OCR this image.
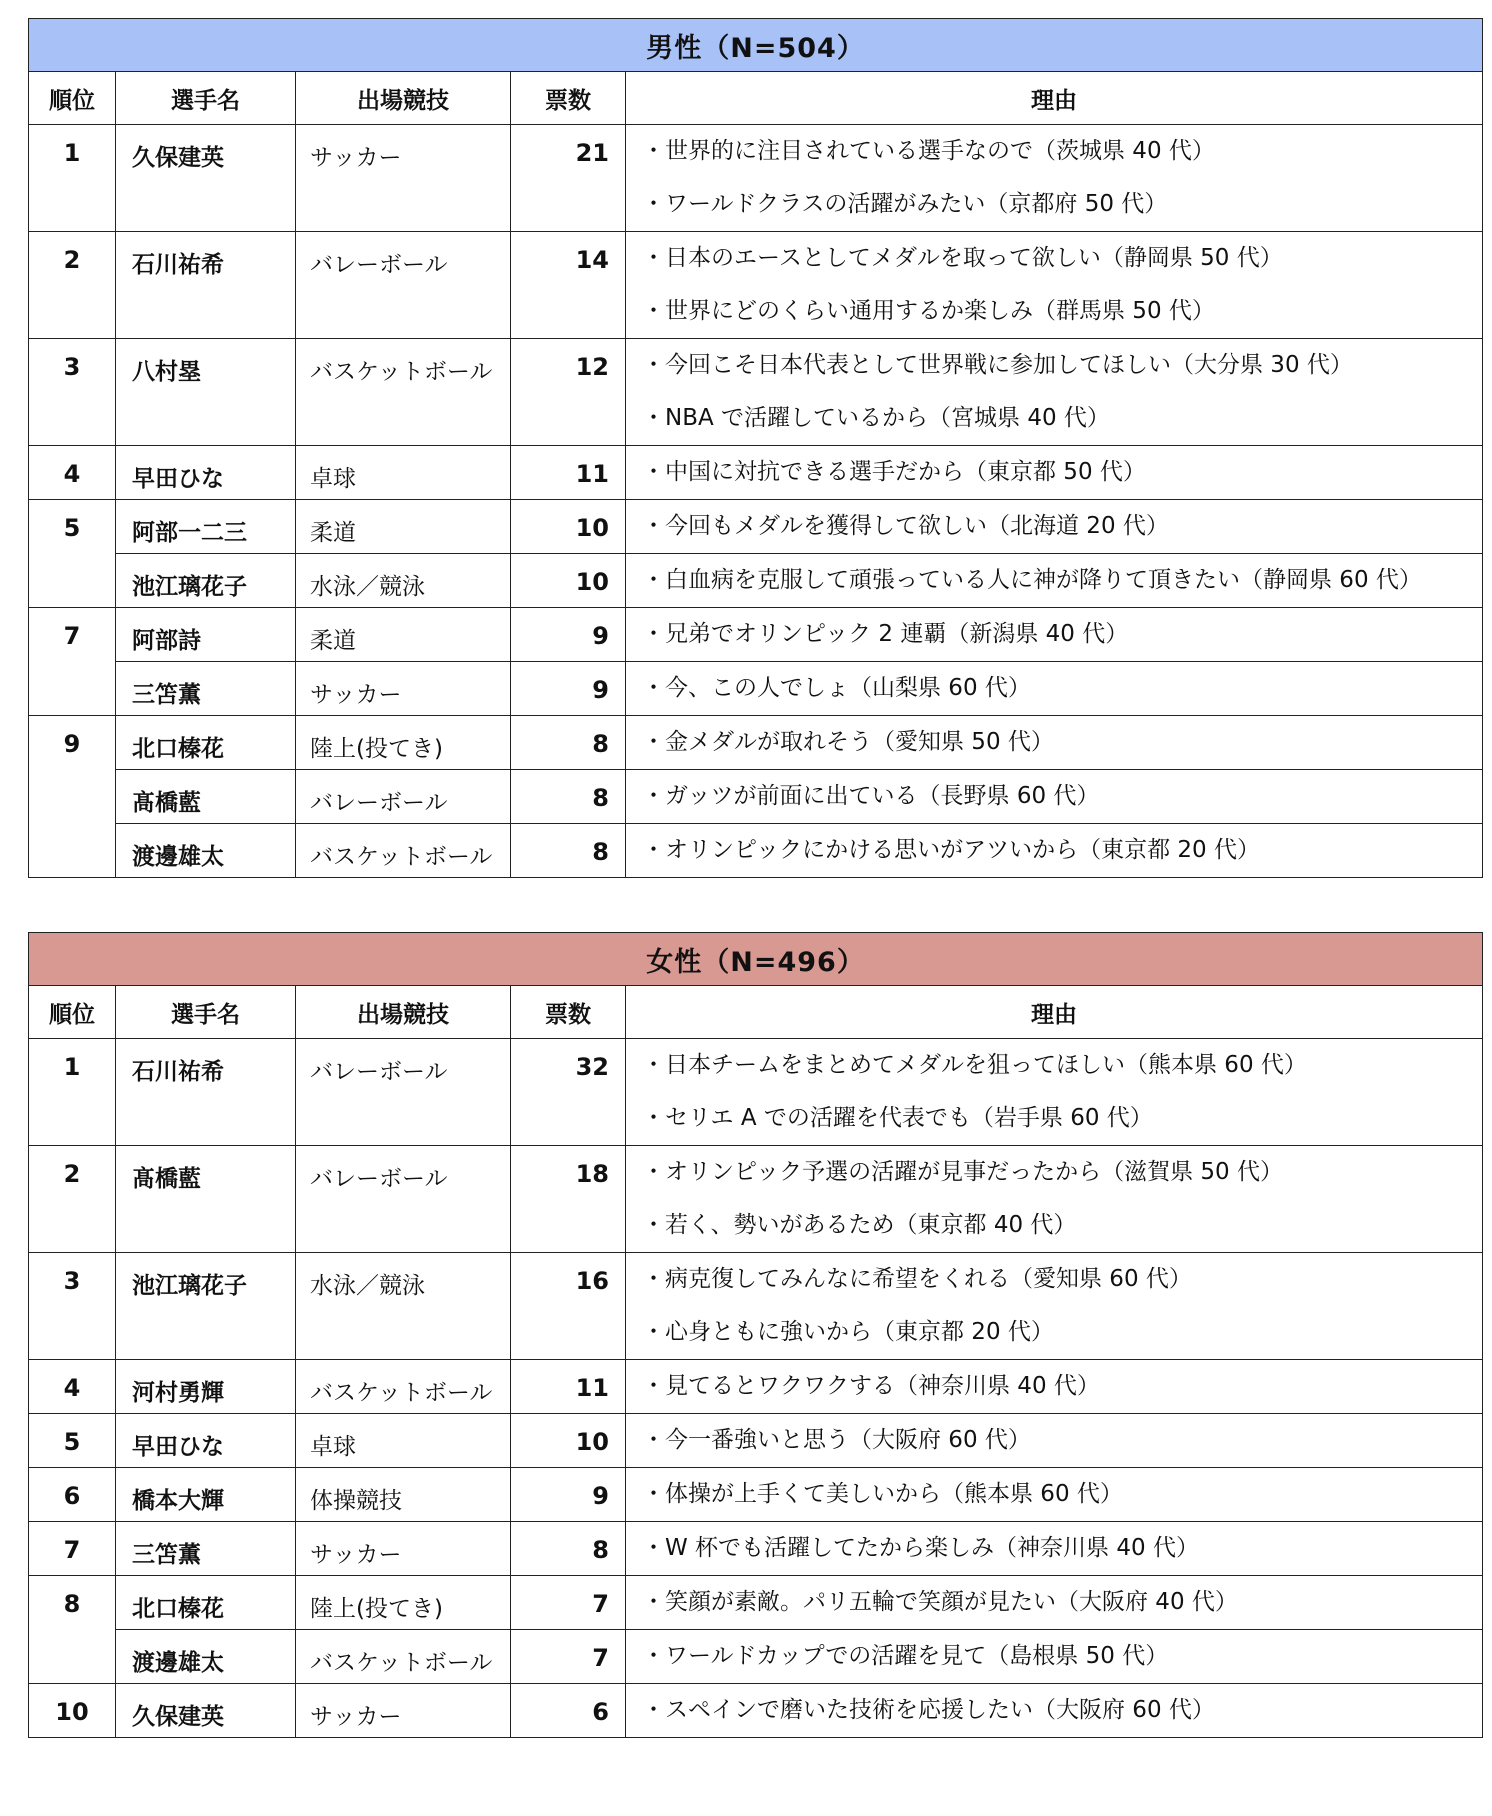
男性（N=504）				
順位	選手名	出場競技	票数	理由
1	久保建英	サッカー	21	・世界的に注目されている選手なので（茨城県 40 代）
・ワールドクラスの活躍がみたい（京都府 50 代）

2	石川祐希	バレーボール	14	・日本のエースとしてメダルを取って欲しい（静岡県 50 代）
・世界にどのくらい通用するか楽しみ（群馬県 50 代）

3	八村塁	バスケットボール	12	・今回こそ日本代表として世界戦に参加してほしい（大分県 30 代）
・NBA で活躍しているから（宮城県 40 代）

4	早田ひな	卓球	11	・中国に対抗できる選手だから（東京都 50 代）

5	阿部一二三	柔道	10	・今回もメダルを獲得して欲しい（北海道 20 代）

	池江璃花子	水泳／競泳	10	・白血病を克服して頑張っている人に神が降りて頂きたい（静岡県 60 代）

7	阿部詩	柔道	9	・兄弟でオリンピック 2 連覇（新潟県 40 代）

	三笘薫	サッカー	9	・今、この人でしょ（山梨県 60 代）

9	北口榛花	陸上(投てき)	8	・金メダルが取れそう（愛知県 50 代）

	髙橋藍	バレーボール	8	・ガッツが前面に出ている（長野県 60 代）

	渡邊雄太	バスケットボール	8	・オリンピックにかける思いがアツいから（東京都 20 代）
女性（N=496）				
順位	選手名	出場競技	票数	理由
1	石川祐希	バレーボール	32	・日本チームをまとめてメダルを狙ってほしい（熊本県 60 代）
・セリエ A での活躍を代表でも（岩手県 60 代）

2	髙橋藍	バレーボール	18	・オリンピック予選の活躍が見事だったから（滋賀県 50 代）
・若く、勢いがあるため（東京都 40 代）

3	池江璃花子	水泳／競泳	16	・病克復してみんなに希望をくれる（愛知県 60 代）
・心身ともに強いから（東京都 20 代）

4	河村勇輝	バスケットボール	11	・見てるとワクワクする（神奈川県 40 代）

5	早田ひな	卓球	10	・今一番強いと思う（大阪府 60 代）

6	橋本大輝	体操競技	9	・体操が上手くて美しいから（熊本県 60 代）

7	三笘薫	サッカー	8	・W 杯でも活躍してたから楽しみ（神奈川県 40 代）

8	北口榛花	陸上(投てき)	7	・笑顔が素敵。パリ五輪で笑顔が見たい（大阪府 40 代）

	渡邊雄太	バスケットボール	7	・ワールドカップでの活躍を見て（島根県 50 代）

10	久保建英	サッカー	6	・スペインで磨いた技術を応援したい（大阪府 60 代）
